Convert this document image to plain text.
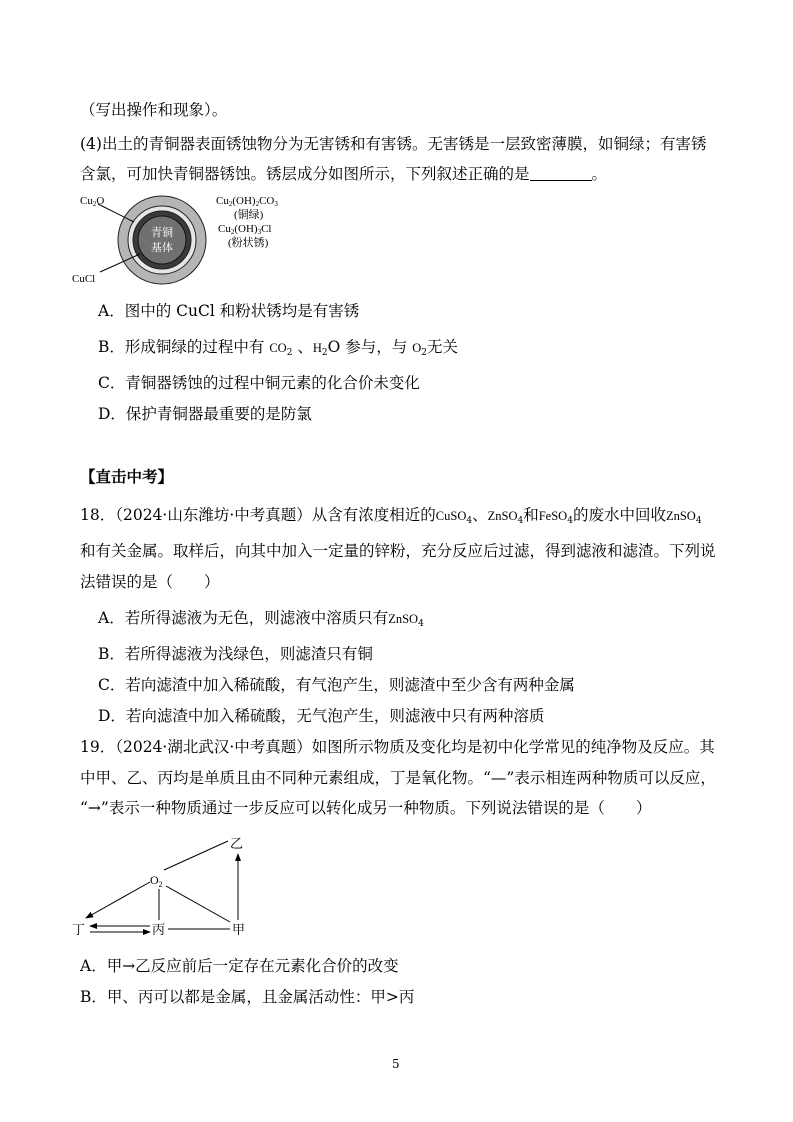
（写出操作和现象）。
(4)出土的青铜器表面锈蚀物分为无害锈和有害锈。无害锈是一层致密薄膜，如铜绿；有害锈
含氯，可加快青铜器锈蚀。锈层成分如图所示，下列叙述正确的是	。
青铜
基体
Cu2O
CuCl
Cu2(OH)2CO3
(铜绿)
Cu2(OH)3Cl
(粉状锈)
A．图中的 CuCl 和粉状锈均是有害锈
B．形成铜绿的过程中有 $CO_2$ 、$H_2O$ 参与，与 $O_2$无关
C．青铜器锈蚀的过程中铜元素的化合价未变化
D．保护青铜器最重要的是防氯
【直击中考】
18．（2024·山东潍坊·中考真题）从含有浓度相近的CuSO$_4$、ZnSO$_4$和FeSO$_4$的废水中回收ZnSO$_4$
和有关金属。取样后，向其中加入一定量的锌粉，充分反应后过滤，得到滤液和滤渣。下列说
法错误的是（　　）
A．若所得滤液为无色，则滤液中溶质只有ZnSO$_4$
B．若所得滤液为浅绿色，则滤渣只有铜
C．若向滤渣中加入稀硫酸，有气泡产生，则滤渣中至少含有两种金属
D．若向滤渣中加入稀硫酸，无气泡产生，则滤液中只有两种溶质
19．（2024·湖北武汉·中考真题）如图所示物质及变化均是初中化学常见的纯净物及反应。其
中甲、乙、丙均是单质且由不同种元素组成，丁是氧化物。“—”表示相连两种物质可以反应，
“→”表示一种物质通过一步反应可以转化成另一种物质。下列说法错误的是（　　）
乙
$O_2$
丁	丙	甲
A．甲→乙反应前后一定存在元素化合价的改变
B．甲、丙可以都是金属，且金属活动性：甲>丙
5
